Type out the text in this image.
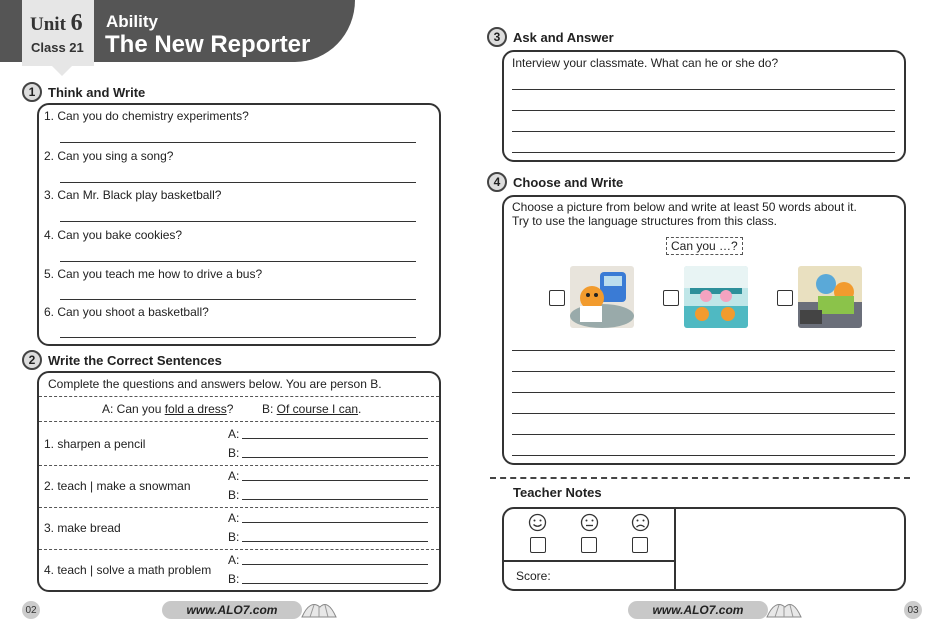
Unit 6
Class 21
Ability
The New Reporter
1 Think and Write
1. Can you do chemistry experiments?
2. Can you sing a song?
3. Can Mr. Black play basketball?
4. Can you bake cookies?
5. Can you teach me how to drive a bus?
6. Can you shoot a basketball?
2 Write the Correct Sentences
Complete the questions and answers below. You are person B.
A: Can you fold a dress? B: Of course I can.
1. sharpen a pencil
A:
B:
2. teach | make a snowman
A:
B:
3. make bread
A:
B:
4. teach | solve a math problem
A:
B:
3 Ask and Answer
Interview your classmate. What can he or she do?
4 Choose and Write
Choose a picture from below and write at least 50 words about it.
Try to use the language structures from this class.
Can you …?
Teacher Notes
Score:
02	www.ALO7.com	www.ALO7.com	03
